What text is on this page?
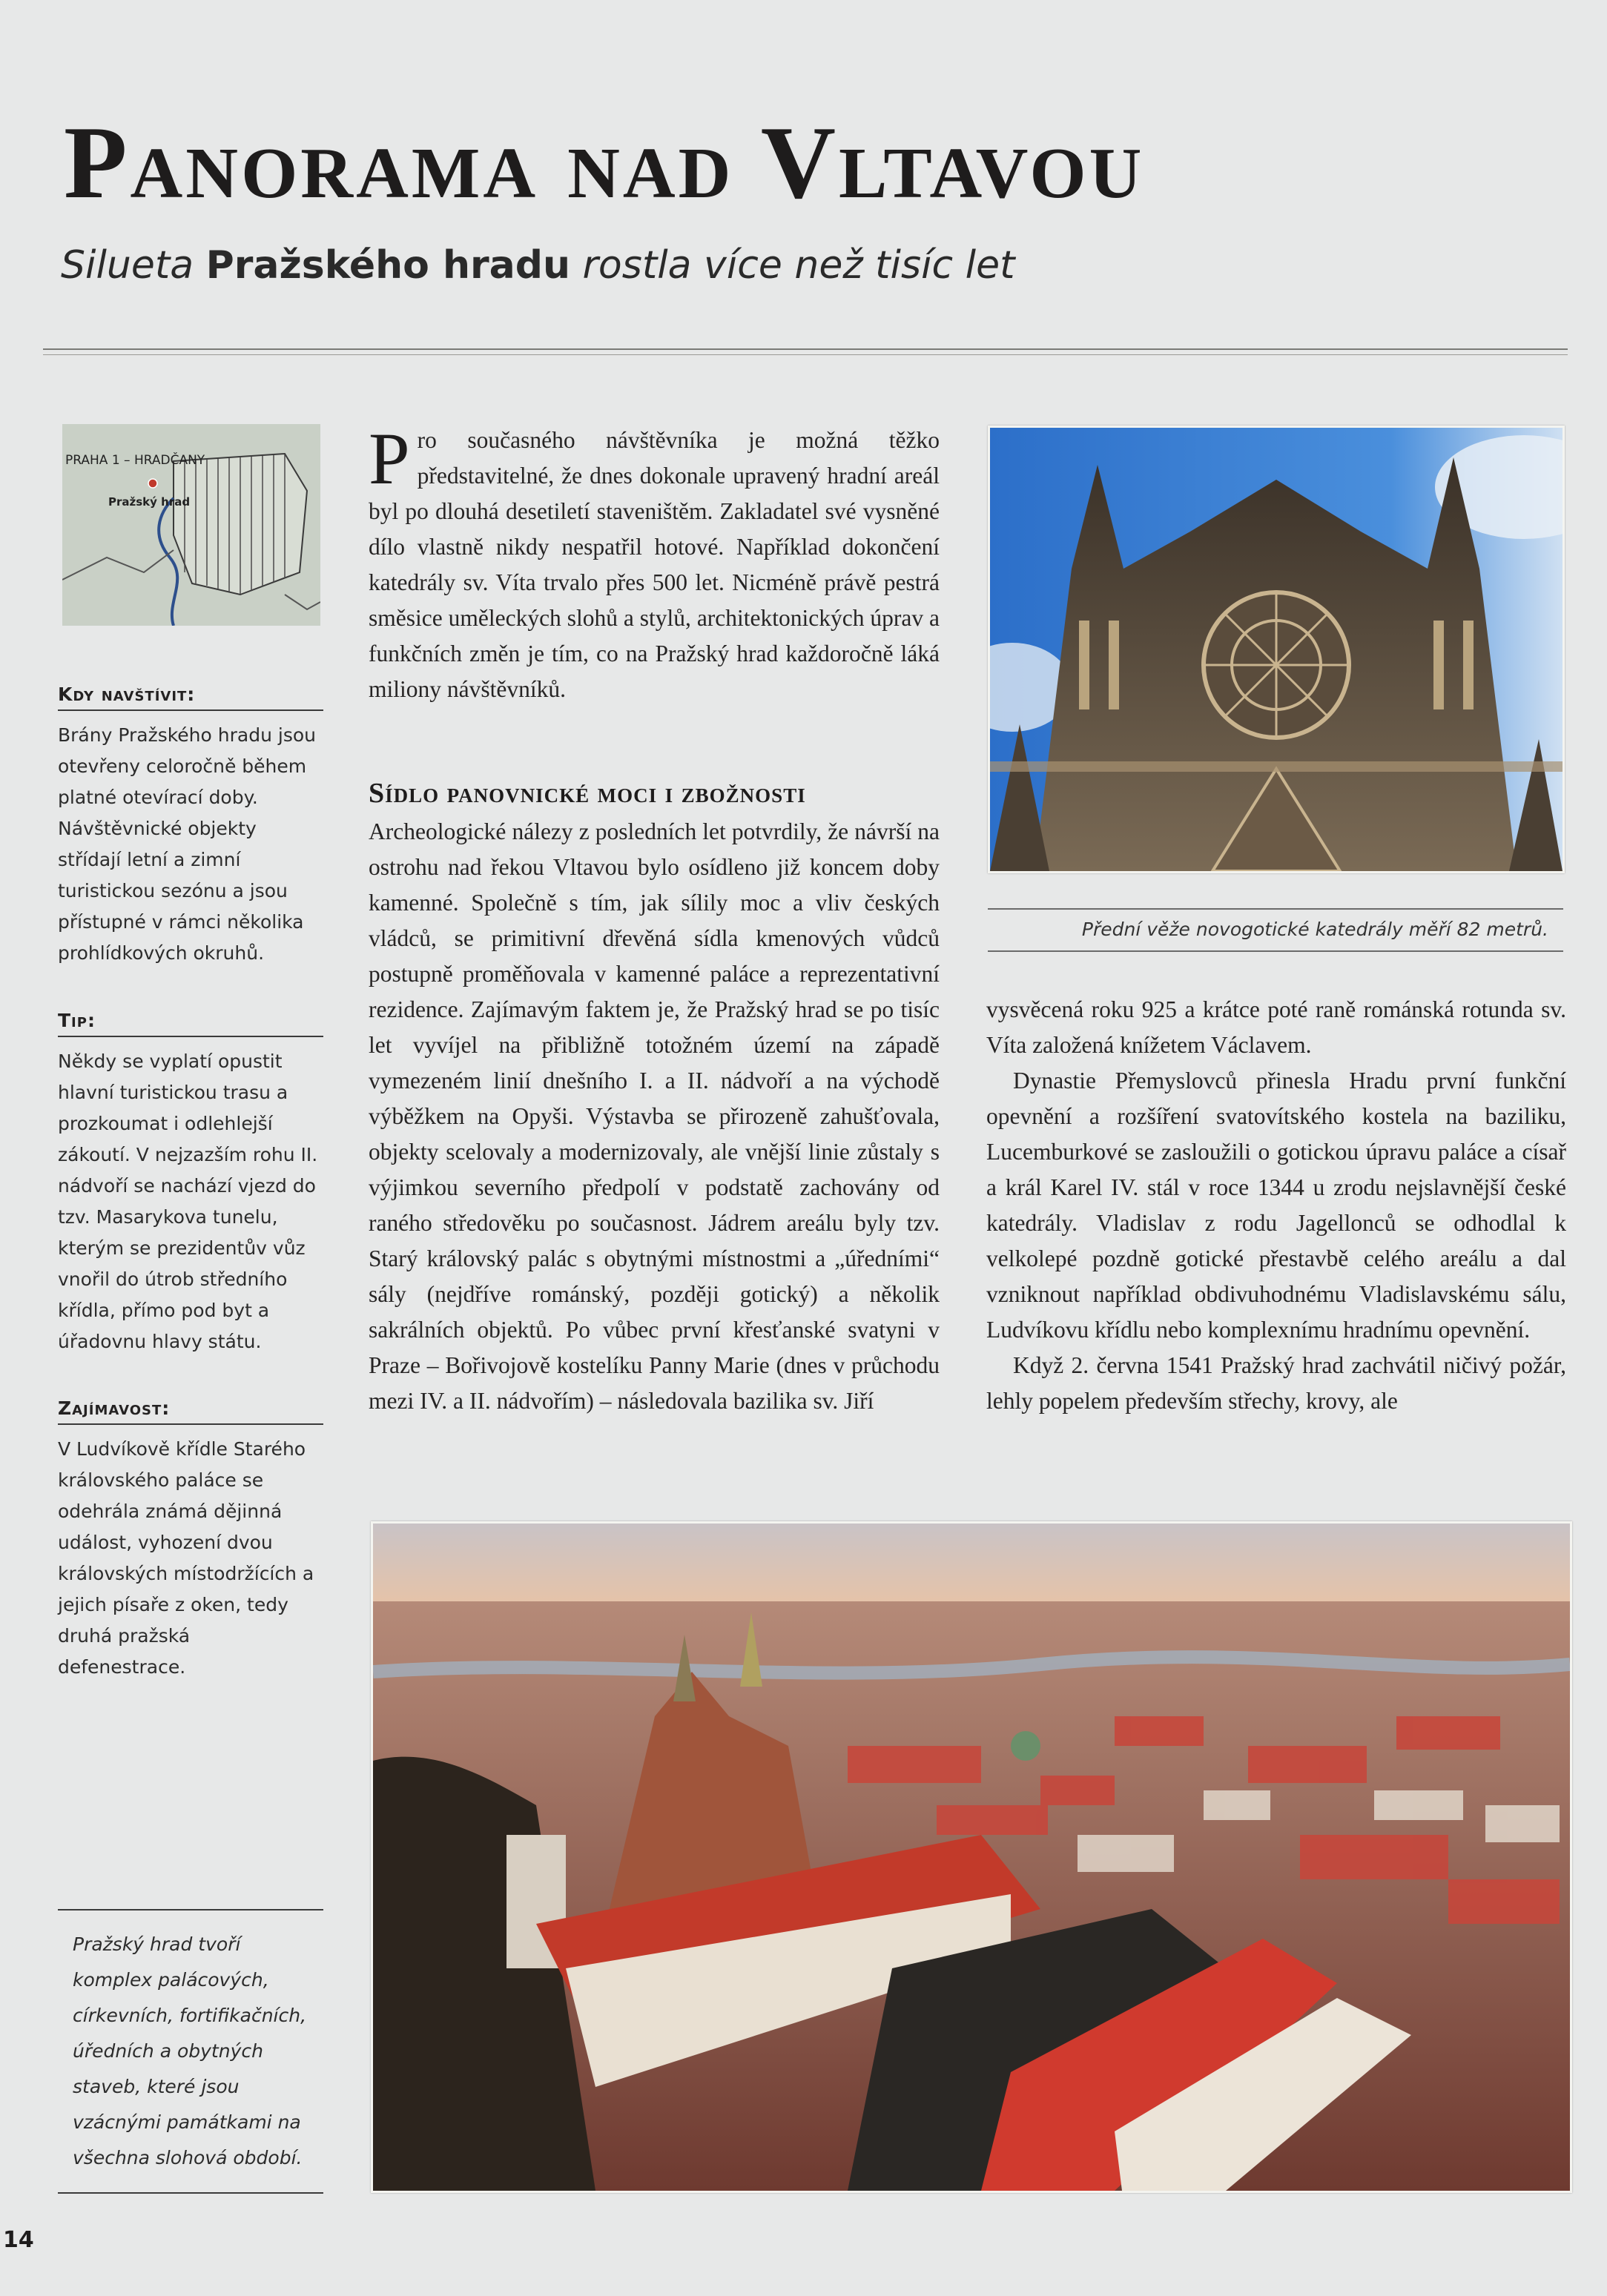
Panorama nad Vltavou
Silueta Pražského hradu rostla více než tisíc let
PRAHA 1 – HRADČANY
Pražský hrad
Kdy navštívit:
Brány Pražského hradu jsou otevřeny celoročně během platné otevírací doby. Návštěvnické objekty střídají letní a zimní turistickou sezónu a jsou přístupné v rámci několika prohlídkových okruhů.
Tip:
Někdy se vyplatí opustit hlavní turistickou trasu a prozkoumat i odlehlejší zákoutí. V nejzazším rohu II. nádvoří se nachází vjezd do tzv. Masarykova tunelu, kterým se prezidentův vůz vnořil do útrob středního křídla, přímo pod byt a úřadovnu hlavy státu.
Zajímavost:
V Ludvíkově křídle Starého královského paláce se odehrála známá dějinná událost, vyhození dvou královských místodržících a jejich písaře z oken, tedy druhá pražská defenestrace.
Pražský hrad tvoří komplex palácových, církevních, fortifikačních, úředních a obytných staveb, které jsou vzácnými památkami na všechna slohová období.
Pro současného návštěvníka je možná těžko představitelné, že dnes dokonale upravený hradní areál byl po dlouhá desetiletí staveništěm. Zakladatel své vysněné dílo vlastně nikdy nespatřil hotové. Například dokončení katedrály sv. Víta trvalo přes 500 let. Nicméně právě pestrá směsice uměleckých slohů a stylů, architektonických úprav a funkčních změn je tím, co na Pražský hrad každoročně láká miliony návštěvníků.
Sídlo panovnické moci i zbožnosti

Archeologické nálezy z posledních let potvrdily, že návrší na ostrohu nad řekou Vltavou bylo osídleno již koncem doby kamenné. Společně s tím, jak sílily moc a vliv českých vládců, se primitivní dřevěná sídla kmenových vůdců postupně proměňovala v kamenné paláce a reprezentativní rezidence. Zajímavým faktem je, že Pražský hrad se po tisíc let vyvíjel na přibližně totožném území na západě vymezeném linií dnešního I. a II. nádvoří a na východě výběžkem na Opyši. Výstavba se přirozeně zahušťovala, objekty scelovaly a modernizovaly, ale vnější linie zůstaly s výjimkou severního předpolí v podstatě zachovány od raného středověku po současnost. Jádrem areálu byly tzv. Starý královský palác s obytnými místnostmi a „úředními“ sály (nejdříve románský, později gotický) a několik sakrálních objektů. Po vůbec první křesťanské svatyni v Praze – Bořivojově kostelíku Panny Marie (dnes v průchodu mezi IV. a II. nádvořím) – následovala bazilika sv. Jiří

Přední věže novogotické katedrály měří 82 metrů.

vysvěcená roku 925 a krátce poté raně románská rotunda sv. Víta založená knížetem Václavem.

Dynastie Přemyslovců přinesla Hradu první funkční opevnění a rozšíření svatovítského kostela na baziliku, Lucemburkové se zasloužili o gotickou úpravu paláce a císař a král Karel IV. stál v roce 1344 u zrodu nejslavnější české katedrály. Vladislav z rodu Jagellonců se odhodlal k velkolepé pozdně gotické přestavbě celého areálu a dal vzniknout například obdivuhodnému Vladislavskému sálu, Ludvíkovu křídlu nebo komplexnímu hradnímu opevnění.

Když 2. června 1541 Pražský hrad zachvátil ničivý požár, lehly popelem především střechy, krovy, ale

14
